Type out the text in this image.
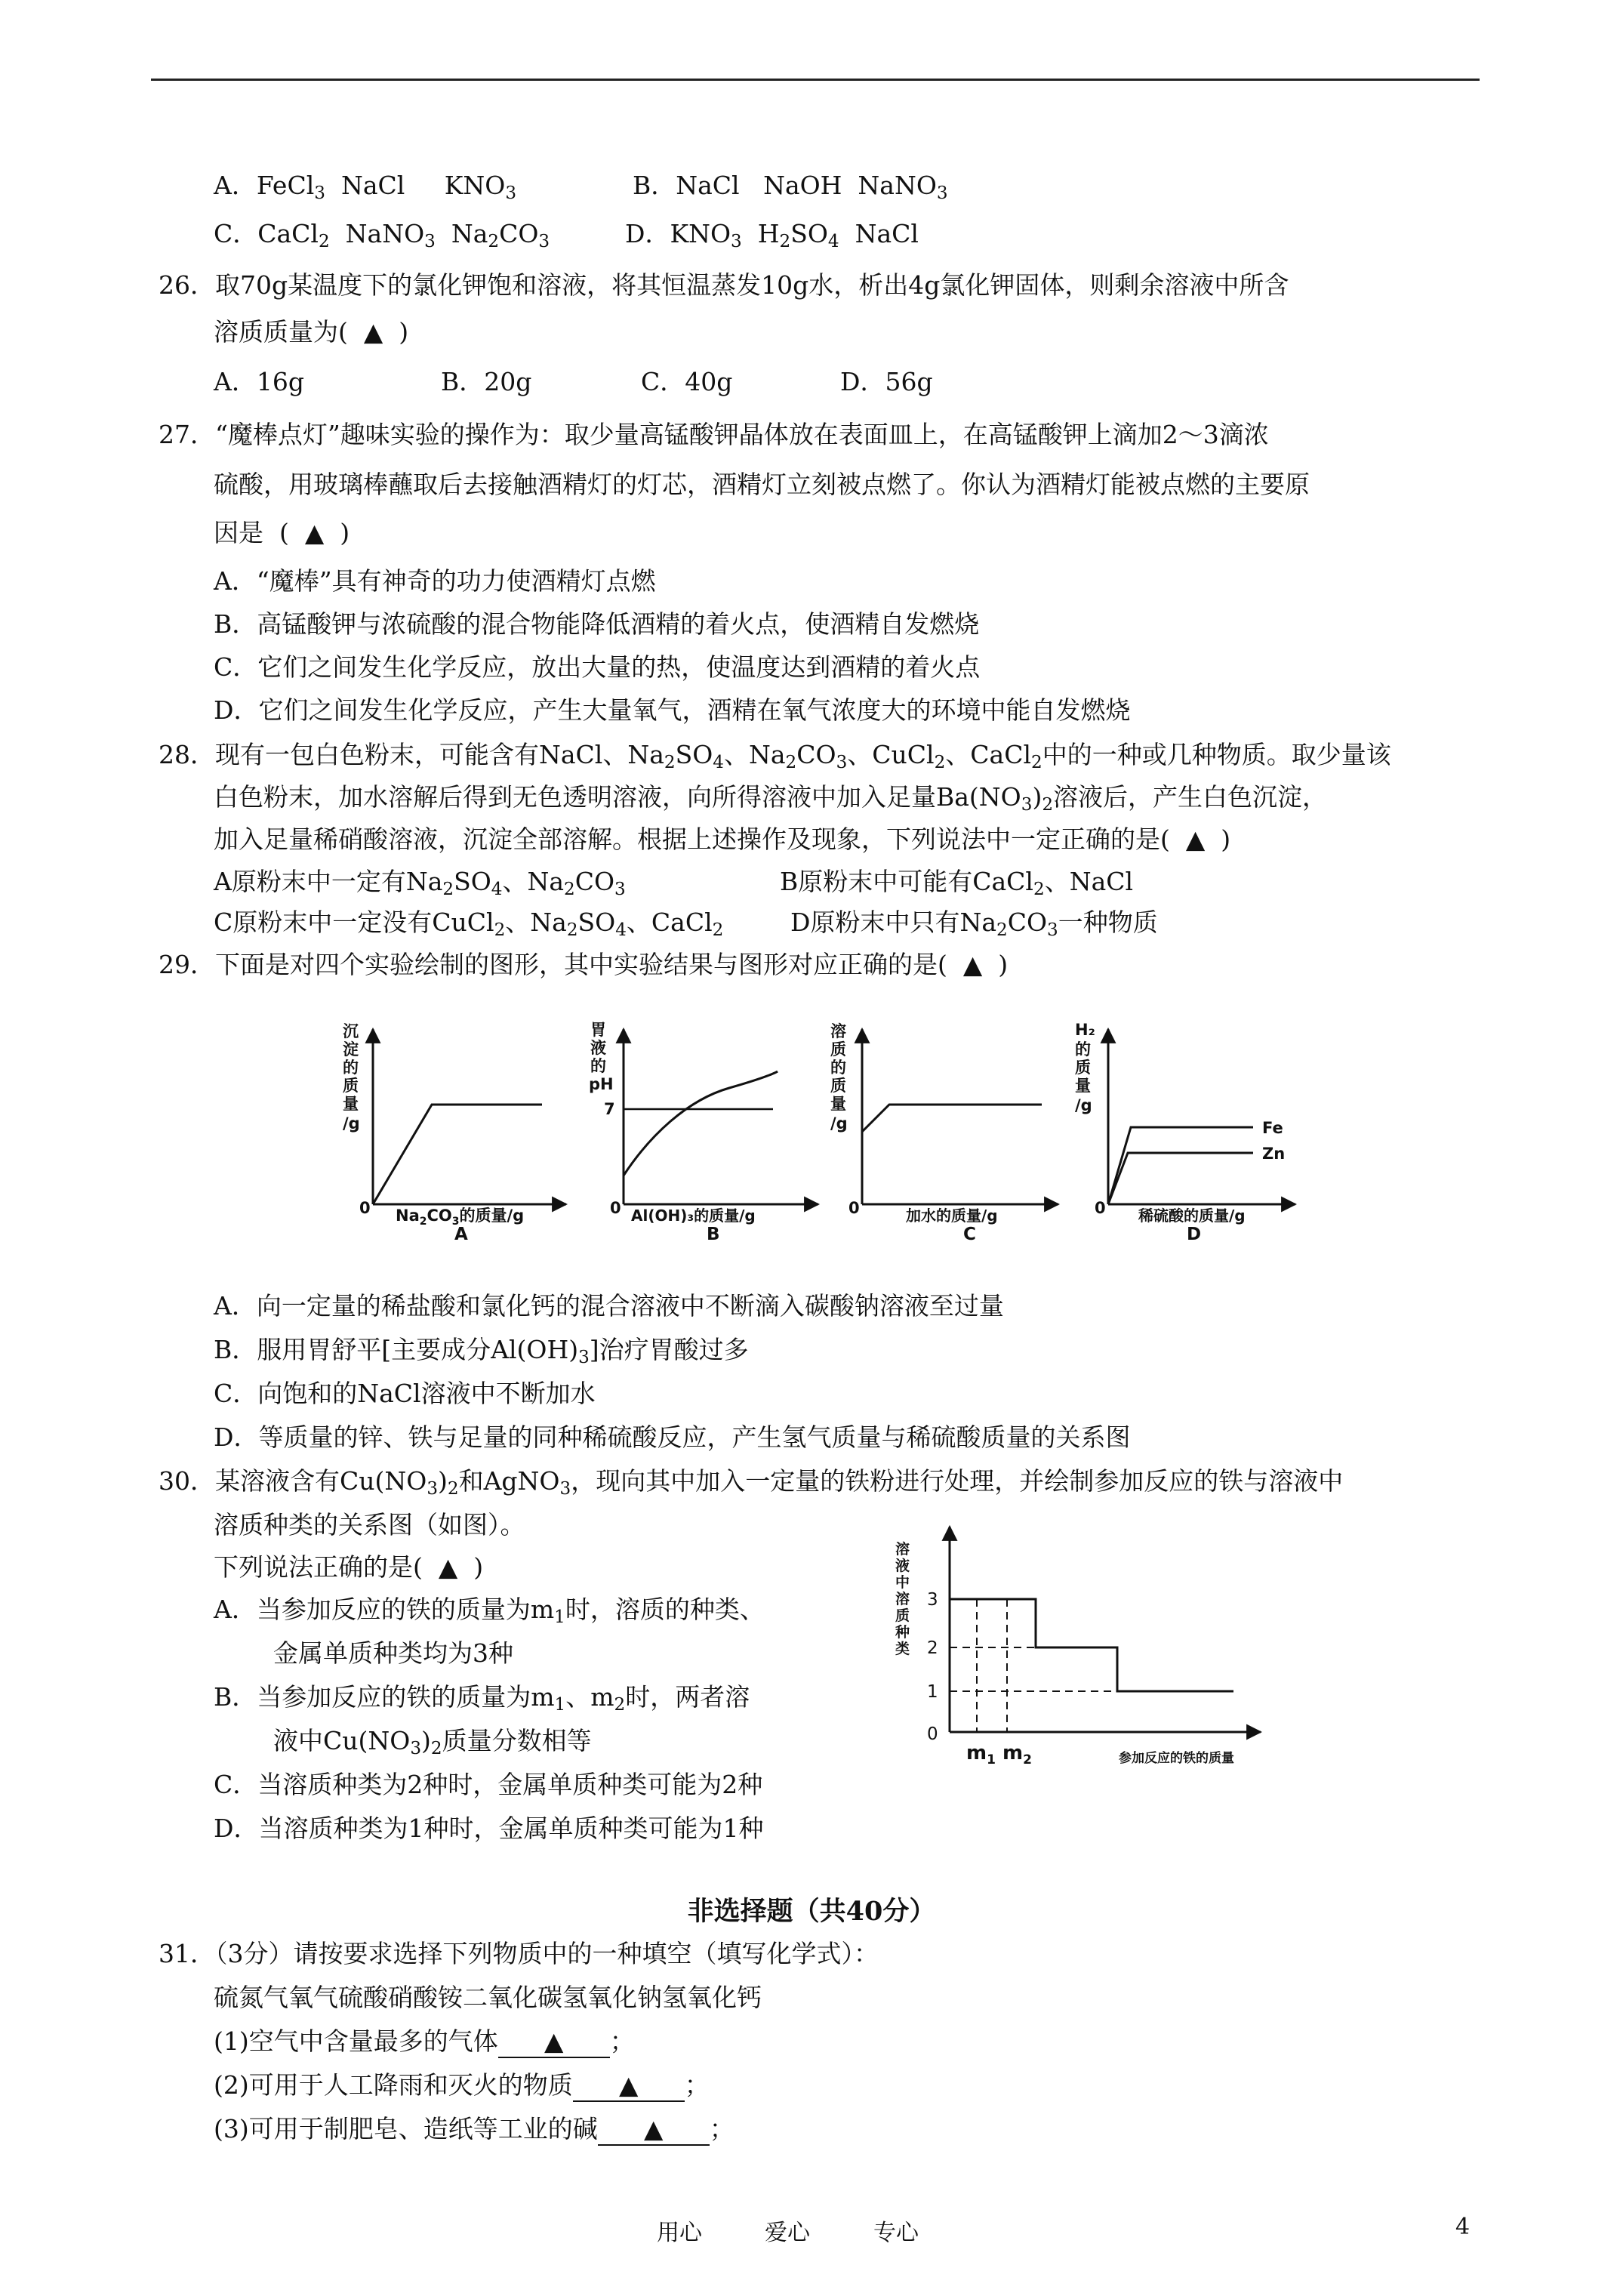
A．FeCl$_3$  NaCl     $KNO_3$	B．NaCl   NaOH  NaNO$_3$
C．CaCl$_2$  NaNO$_3$  $Na_2CO_3$	D．$KNO_3$  $H_2SO_4$  NaCl
26．取70g某温度下的氯化钾饱和溶液，将其恒温蒸发10g水，析出4g氯化钾固体，则剩余溶液中所含
溶质质量为(  ▲  )
A．16g	B．20g	C．40g	D．56g
27．“魔棒点灯”趣味实验的操作为：取少量高锰酸钾晶体放在表面皿上，在高锰酸钾上滴加2～3滴浓
硫酸，用玻璃棒蘸取后去接触酒精灯的灯芯，酒精灯立刻被点燃了。你认为酒精灯能被点燃的主要原
因是  (  ▲  )
A．“魔棒”具有神奇的功力使酒精灯点燃
B．高锰酸钾与浓硫酸的混合物能降低酒精的着火点，使酒精自发燃烧
C．它们之间发生化学反应，放出大量的热，使温度达到酒精的着火点
D．它们之间发生化学反应，产生大量氧气，酒精在氧气浓度大的环境中能自发燃烧
28．现有一包白色粉末，可能含有NaCl、$Na_2SO_4$、$Na_2CO_3$、CuCl$_2$、CaCl$_2$中的一种或几种物质。取少量该
白色粉末，加水溶解后得到无色透明溶液，向所得溶液中加入足量$Ba(NO_3)_2$溶液后，产生白色沉淀，
加入足量稀硝酸溶液，沉淀全部溶解。根据上述操作及现象，下列说法中一定正确的是(  ▲  )
A原粉末中一定有$Na_2SO_4$、$Na_2CO_3$	B原粉末中可能有CaCl$_2$、NaCl
C原粉末中一定没有CuCl$_2$、$Na_2SO_4$、CaCl$_2$	D原粉末中只有$Na_2CO_3$一种物质
29．下面是对四个实验绘制的图形，其中实验结果与图形对应正确的是(  ▲  )
沉
淀
的
质
量
/g
0 $Na_2CO_3$的质量/g
A
胃
液
的
pH
7
0 Al(OH)₃的质量/g
B
溶
质
的
质
量
/g
0	加水的质量/g
C
Fe
Zn
H₂
的
质
量
/g
0 稀硫酸的质量/g
D
A．向一定量的稀盐酸和氯化钙的混合溶液中不断滴入碳酸钠溶液至过量
B．服用胃舒平[主要成分$Al(OH)_3$]治疗胃酸过多
C．向饱和的NaCl溶液中不断加水
D．等质量的锌、铁与足量的同种稀硫酸反应，产生氢气质量与稀硫酸质量的关系图
30．某溶液含有$Cu(NO_3)_2$和AgNO$_3$，现向其中加入一定量的铁粉进行处理，并绘制参加反应的铁与溶液中
溶质种类的关系图（如图）。
下列说法正确的是(  ▲  )
A．当参加反应的铁的质量为$m_1$时，溶质的种类、
金属单质种类均为3种
B．当参加反应的铁的质量为$m_1$、$m_2$时，两者溶
液中$Cu(NO_3)_2$质量分数相等
C．当溶质种类为2种时，金属单质种类可能为2种
D．当溶质种类为1种时，金属单质种类可能为1种
溶
液
中
溶
质
种
类
3
2
1
0
$m_1$ $m_2$	参加反应的铁的质量
非选择题（共40分）
31．（3分）请按要求选择下列物质中的一种填空（填写化学式）：
硫氮气氧气硫酸硝酸铵二氧化碳氢氧化钠氢氧化钙
(1)空气中含量最多的气体 ▲ ；
(2)可用于人工降雨和灭火的物质 ▲ ；
(3)可用于制肥皂、造纸等工业的碱 ▲ ；
用心	爱心	专心	4
